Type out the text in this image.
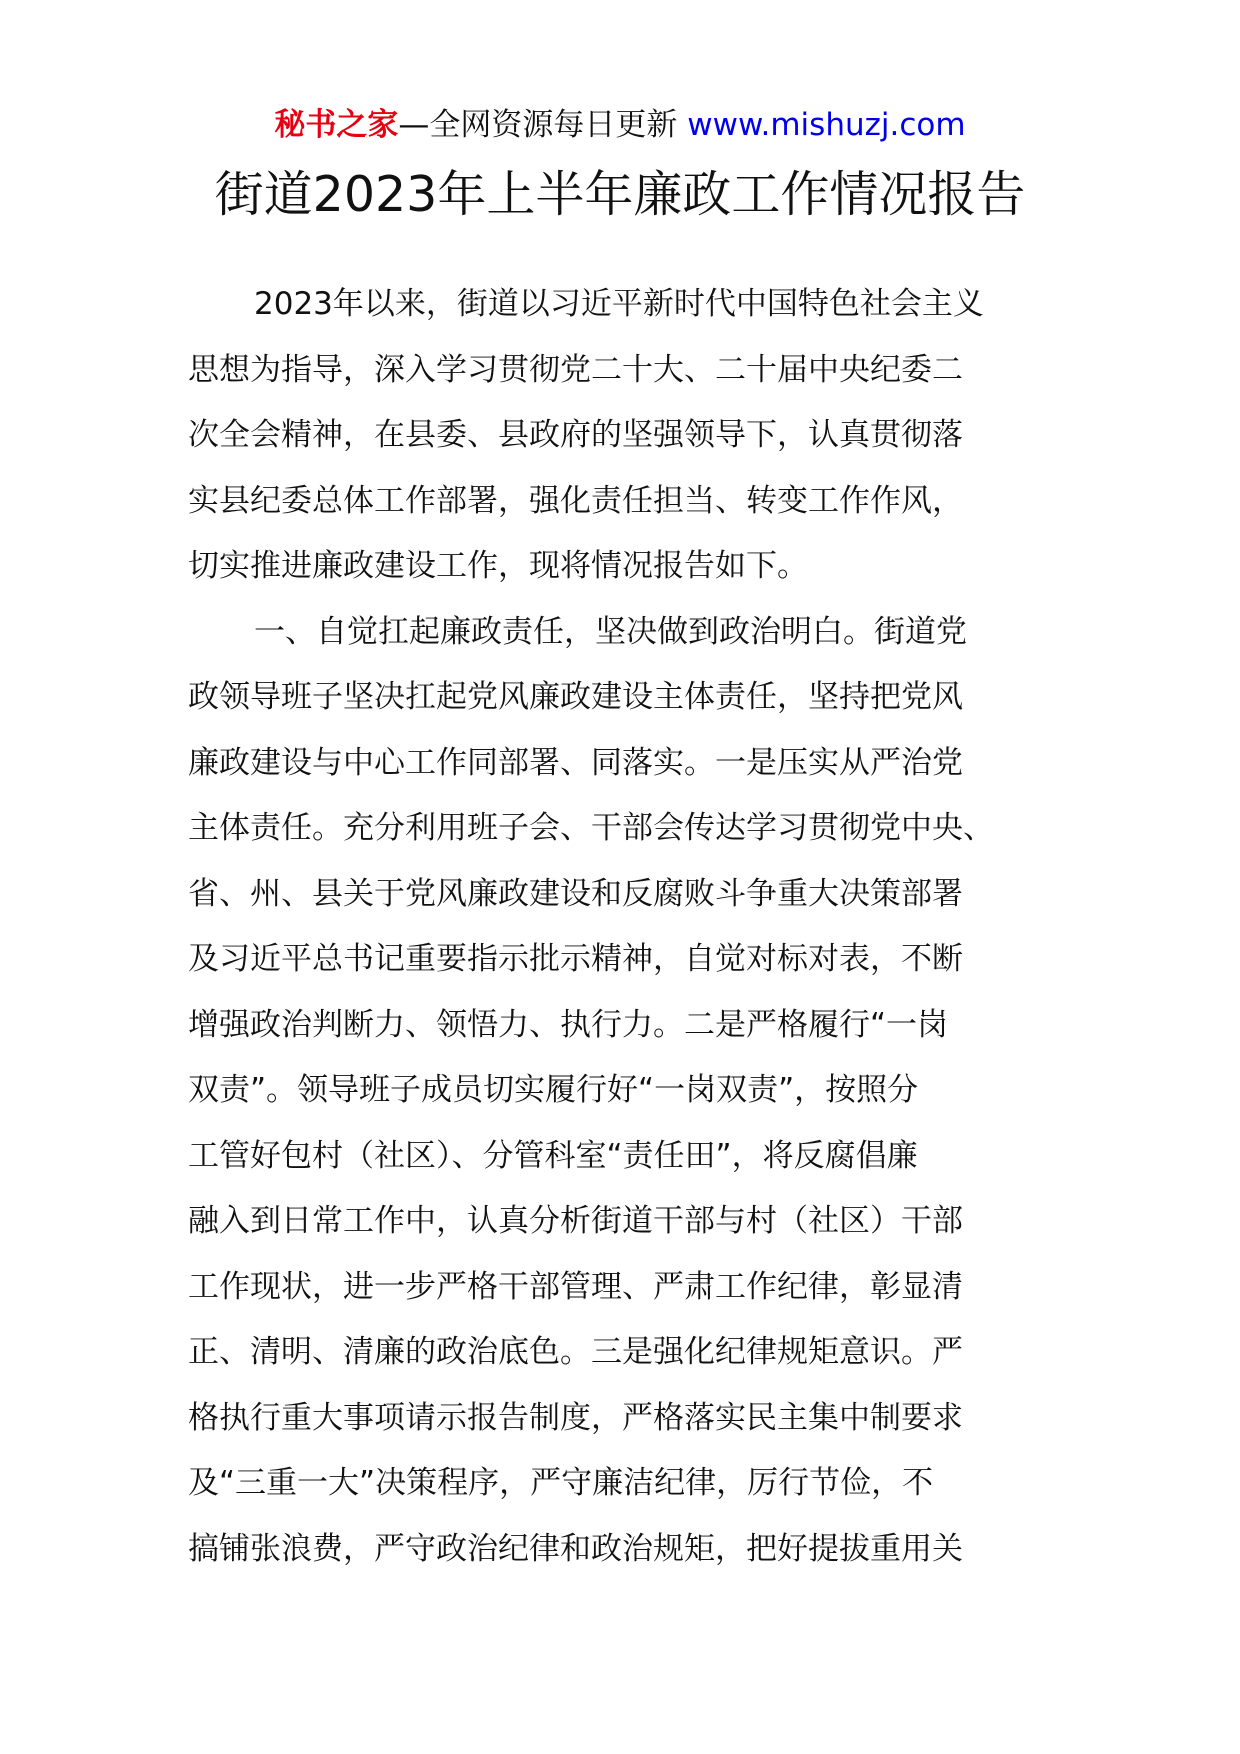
秘书之家—全网资源每日更新 www.mishuzj.com
街道2023年上半年廉政工作情况报告
2023年以来，街道以习近平新时代中国特色社会主义
思想为指导，深入学习贯彻党二十大、二十届中央纪委二
次全会精神，在县委、县政府的坚强领导下，认真贯彻落
实县纪委总体工作部署，强化责任担当、转变工作作风，
切实推进廉政建设工作，现将情况报告如下。
一、自觉扛起廉政责任，坚决做到政治明白。街道党
政领导班子坚决扛起党风廉政建设主体责任，坚持把党风
廉政建设与中心工作同部署、同落实。一是压实从严治党
主体责任。充分利用班子会、干部会传达学习贯彻党中央、
省、州、县关于党风廉政建设和反腐败斗争重大决策部署
及习近平总书记重要指示批示精神，自觉对标对表，不断
增强政治判断力、领悟力、执行力。二是严格履行“一岗
双责”。领导班子成员切实履行好“一岗双责”，按照分
工管好包村（社区）、分管科室“责任田”，将反腐倡廉
融入到日常工作中，认真分析街道干部与村（社区）干部
工作现状，进一步严格干部管理、严肃工作纪律，彰显清
正、清明、清廉的政治底色。三是强化纪律规矩意识。严
格执行重大事项请示报告制度，严格落实民主集中制要求
及“三重一大”决策程序，严守廉洁纪律，厉行节俭，不
搞铺张浪费，严守政治纪律和政治规矩，把好提拔重用关
